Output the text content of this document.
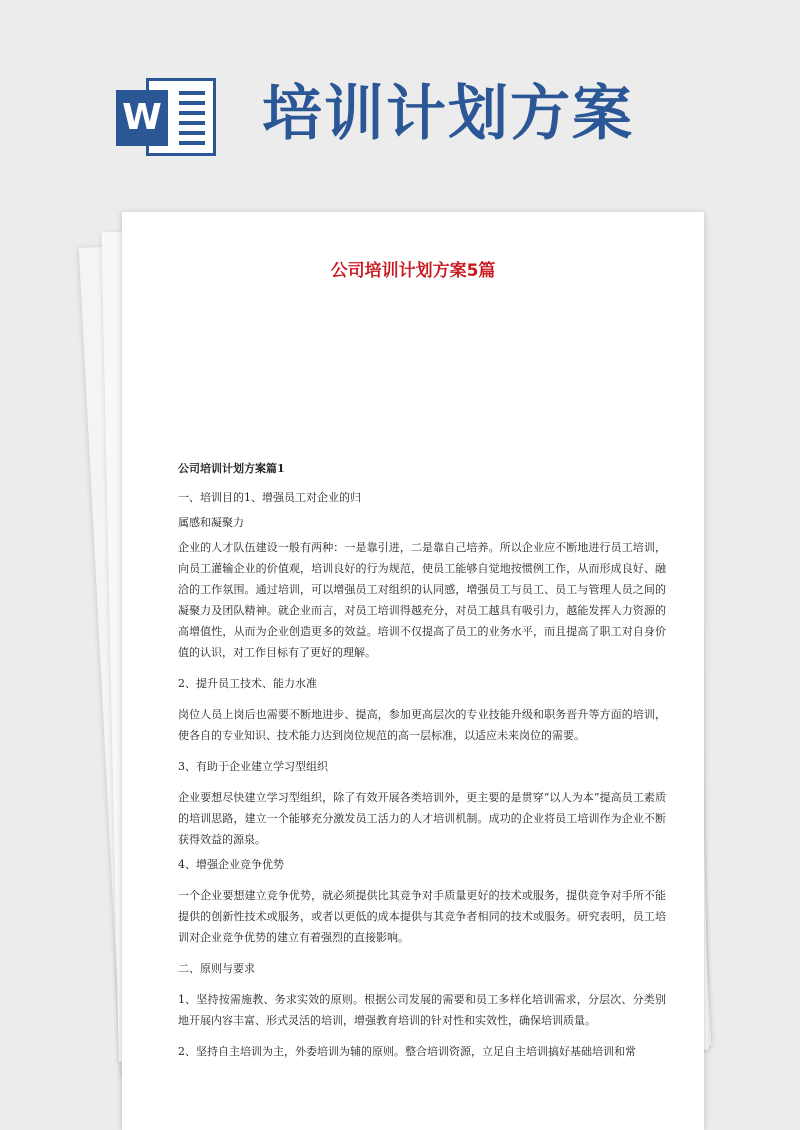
W 培训计划方案
公司培训计划方案5篇

公司培训计划方案篇1

一、培训目的1、增强员工对企业的归

属感和凝聚力

企业的人才队伍建设一般有两种：一是靠引进，二是靠自己培养。所以企业应不断地进行员工培训，向员工灌输企业的价值观，培训良好的行为规范，使员工能够自觉地按惯例工作，从而形成良好、融洽的工作氛围。通过培训，可以增强员工对组织的认同感，增强员工与员工、员工与管理人员之间的凝聚力及团队精神。就企业而言，对员工培训得越充分，对员工越具有吸引力，越能发挥人力资源的高增值性，从而为企业创造更多的效益。培训不仅提高了员工的业务水平，而且提高了职工对自身价值的认识，对工作目标有了更好的理解。

2、提升员工技术、能力水准

岗位人员上岗后也需要不断地进步、提高，参加更高层次的专业技能升级和职务晋升等方面的培训，使各自的专业知识、技术能力达到岗位规范的高一层标准，以适应未来岗位的需要。

3、有助于企业建立学习型组织

企业要想尽快建立学习型组织，除了有效开展各类培训外，更主要的是贯穿“以人为本”提高员工素质的培训思路，建立一个能够充分激发员工活力的人才培训机制。成功的企业将员工培训作为企业不断获得效益的源泉。

4、增强企业竞争优势

一个企业要想建立竞争优势，就必须提供比其竞争对手质量更好的技术或服务，提供竞争对手所不能提供的创新性技术或服务，或者以更低的成本提供与其竞争者相同的技术或服务。研究表明，员工培训对企业竞争优势的建立有着强烈的直接影响。

二、原则与要求

1、坚持按需施教、务求实效的原则。根据公司发展的需要和员工多样化培训需求，分层次、分类别地开展内容丰富、形式灵活的培训，增强教育培训的针对性和实效性，确保培训质量。

2、坚持自主培训为主，外委培训为辅的原则。整合培训资源，立足自主培训搞好基础培训和常
